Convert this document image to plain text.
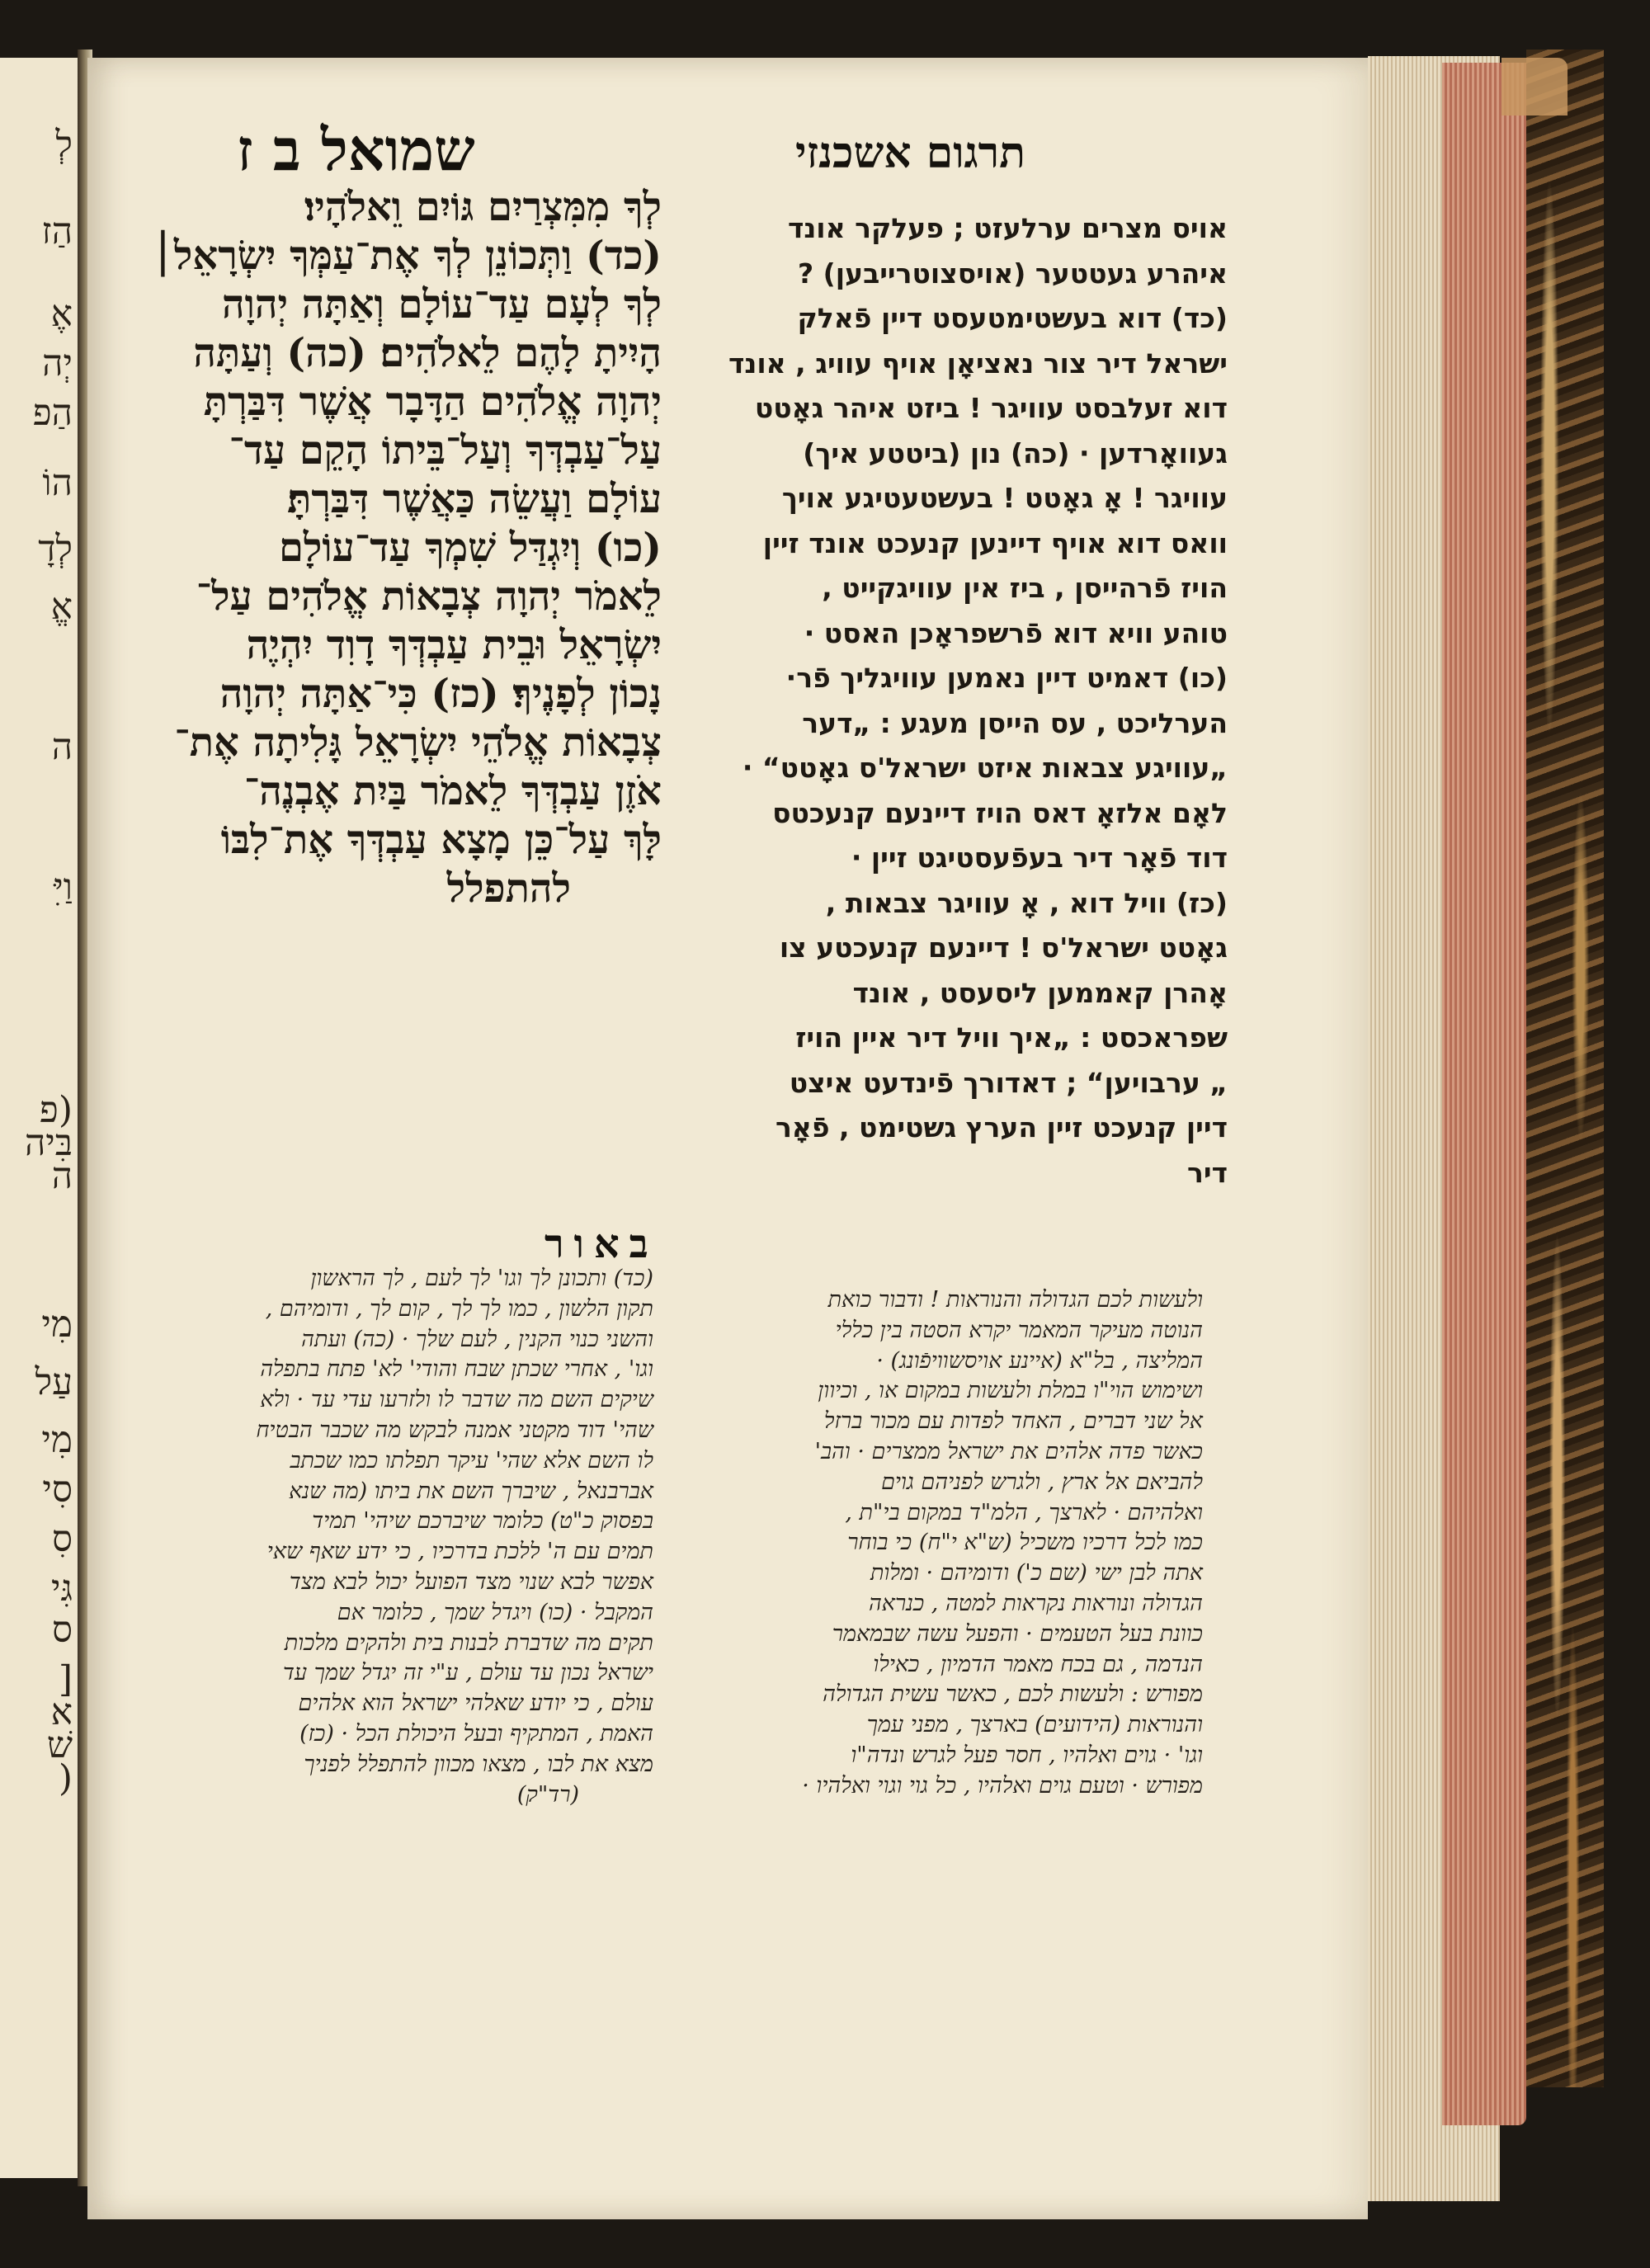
לְ
הַז
אֶ
יְה
הַפ
הוֹ
לְדָ
אֱ
ה
וַיִּ
(פ
בִּיה
ה
מִי
עַל
מִי
סִי
סִ
גִּי
ס
[
א
שׁ
(
שמואל ב ז	תרגום אשכנזי
לְךָ מִמִּצְרַיִם גּוֹיִם וֵאלֹהָיו׃
(כד) וַתְּכוֹנֵן לְךָ אֶת־עַמְּךָ יִשְׂרָאֵל׀
לְךָ לְעָם עַד־עוֹלָם וְאַתָּה יְהוָה
הָיִיתָ לָהֶם לֵאלֹהִים׃ (כה) וְעַתָּה
יְהוָה אֱלֹהִים הַדָּבָר אֲשֶׁר דִּבַּרְתָּ
עַל־עַבְדְּךָ וְעַל־בֵּיתוֹ הָקֵם עַד־
עוֹלָם וַעֲשֵׂה כַּאֲשֶׁר דִּבַּרְתָּ׃
(כו) וְיִגְדַּל שִׁמְךָ עַד־עוֹלָם
לֵאמֹר יְהוָה צְבָאוֹת אֱלֹהִים עַל־
יִשְׂרָאֵל וּבֵית עַבְדְּךָ דָוִד יִהְיֶה
נָכוֹן לְפָנֶיךָ׃ (כז) כִּי־אַתָּה יְהוָה
צְבָאוֹת אֱלֹהֵי יִשְׂרָאֵל גָּלִיתָה אֶת־
אֹזֶן עַבְדְּךָ לֵאמֹר בַּיִת אֶבְנֶה־
לָּךְ עַל־כֵּן מָצָא עַבְדְּךָ אֶת־לִבּוֹ
להתפלל
אויס מצרים ערלעזט ; פעלקר אונד
איהרע געטטער (אויסצוטרייבען) ?
(כד) דוא בעשטימטעסט דיין פֿאלק
ישראל דיר צור נאציאָן אויף עוויג , אונד
דוא זעלבסט עוויגר ! ביזט איהר גאָטט
געוואָרדען · (כה) נון (ביטטע איך)
עוויגר ! אָ גאָטט ! בעשטעטיגע אויך
וואס דוא אויף דיינען קנעכט אונד זיין
הויז פֿרהייסן , ביז אין עוויגקייט ,
טוהע וויא דוא פֿרשפראָכן האסט ·
(כו) דאמיט דיין נאמען עוויגליך פֿר·
הערליכט , עס הייסן מעגע : „דער
„עוויגע צבאות איזט ישראל'ס גאָטט“ ·
לאָם אלזאָ דאס הויז דיינעם קנעכטס
דוד פֿאָר דיר בעפֿעסטיגט זיין ·
(כז) וויל דוא , אָ עוויגר צבאות ,
גאָטט ישראל'ס ! דיינעם קנעכטע צו
אָהרן קאממען ליסעסט , אונד
שפראכסט : „איך וויל דיר איין הויז
„ ערבויען“ ; דאדורך פֿינדעט איצט
דיין קנעכט זיין הערץ גשטימט , פֿאָר
דיר
באור
ולעשות לכם הגדולה והנוראות ! ודבור כואת
הנוטה מעיקר המאמר יקרא הסטה בין כללי
המליצה , בל"א (איינע אויסשוויפֿונג) ·
ושימוש הוי"ו במלת ולעשות במקום או , וכיוון
אל שני דברים , האחד לפדות עם מכור ברזל
כאשר פדה אלהים את ישראל ממצרים · והב'
להביאם אל ארץ , ולגרש לפניהם גוים
ואלהיהם · לארצך , הלמ"ד במקום בי"ת ,
כמו לכל דרכיו משכיל (ש"א י"ח) כי בוחר
אתה לבן ישי (שם כ') ודומיהם · ומלות
הגדולה ונוראות נקראות למטה , כנראה
כוונת בעל הטעמים · והפעל עשה שבמאמר
הנדמה , גם בכח מאמר הדמיון , כאילו
מפורש : ולעשות לכם , כאשר עשית הגדולה
והנוראות (הידועים) בארצך , מפני עמך
וגו' · גוים ואלהיו , חסר פעל לגרש ונדה"ו
מפורש · וטעם גוים ואלהיו , כל גוי וגוי ואלהיו ·
(כד) ותכונן לך וגו' לך לעם , לך הראשון
תקון הלשון , כמו לך לך , קום לך , ודומיהם ,
והשני כנוי הקנין , לעם שלך · (כה) ועתה
וגו' , אחרי שכתן שבח והודי' לא' פתח בתפלה
שיקים השם מה שדבר לו ולזרעו עדי עד · ולא
שהי' דוד מקטני אמנה לבקש מה שכבר הבטיח
לו השם אלא שהי' עיקר תפלתו כמו שכתב
אברבנאל , שיברך השם את ביתו (מה שנא
בפסוק כ"ט) כלומר שיברכם שיהי' תמיד
תמים עם ה' ללכת בדרכיו , כי ידע שאף שאי
אפשר לבא שנוי מצד הפועל יכול לבא מצד
המקבל · (כו) ויגדל שמך , כלומר אם
תקים מה שדברת לבנות בית ולהקים מלכות
ישראל נכון עד עולם , ע"י זה יגדל שמך עד
עולם , כי יודע שאלהי ישראל הוא אלהים
האמת , המתקיף ובעל היכולת הכל · (כז)
מצא את לבו , מצאו מכוון להתפלל לפניך
(רד"ק)
